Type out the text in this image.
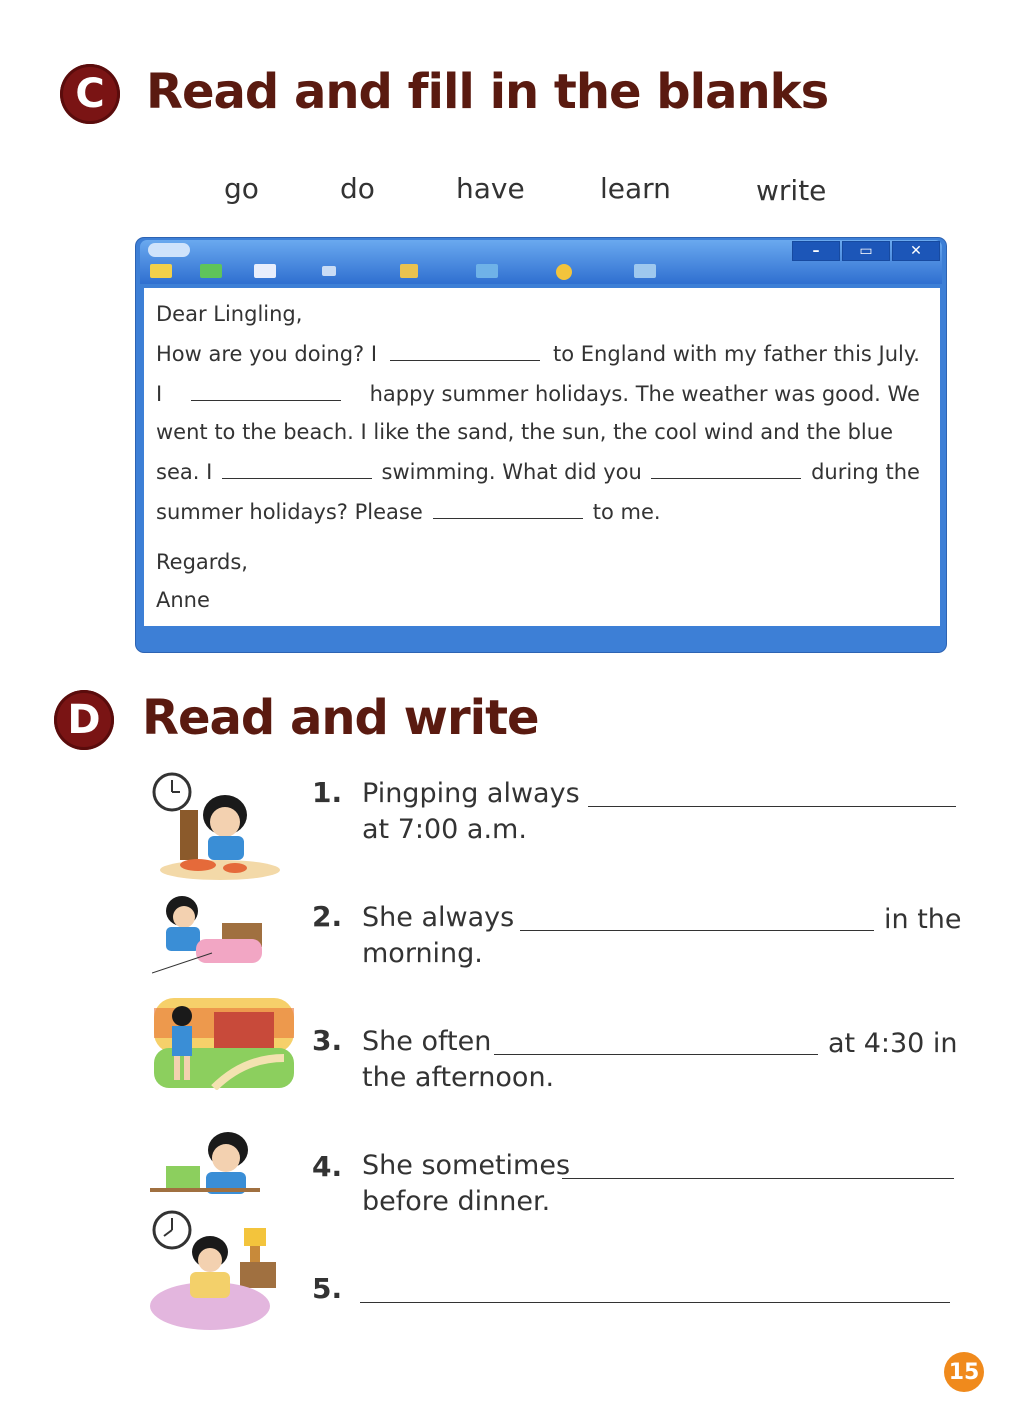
C Read and fill in the blanks
go	do	have	learn	write
–	▭	✕
Dear Lingling,
How are you doing? I	to England with my father this July.
I	happy summer holidays. The weather was good. We
went to the beach. I like the sand, the sun, the cool wind and the blue
sea. I	swimming. What did you	during the
summer holidays? Please	to me.
Regards,
Anne
D Read and write
1. Pingping always
at 7:00 a.m.
2. She always	in the
morning.
3. She often	at 4:30 in
the afternoon.
4. She sometimes
before dinner.
5.
15
